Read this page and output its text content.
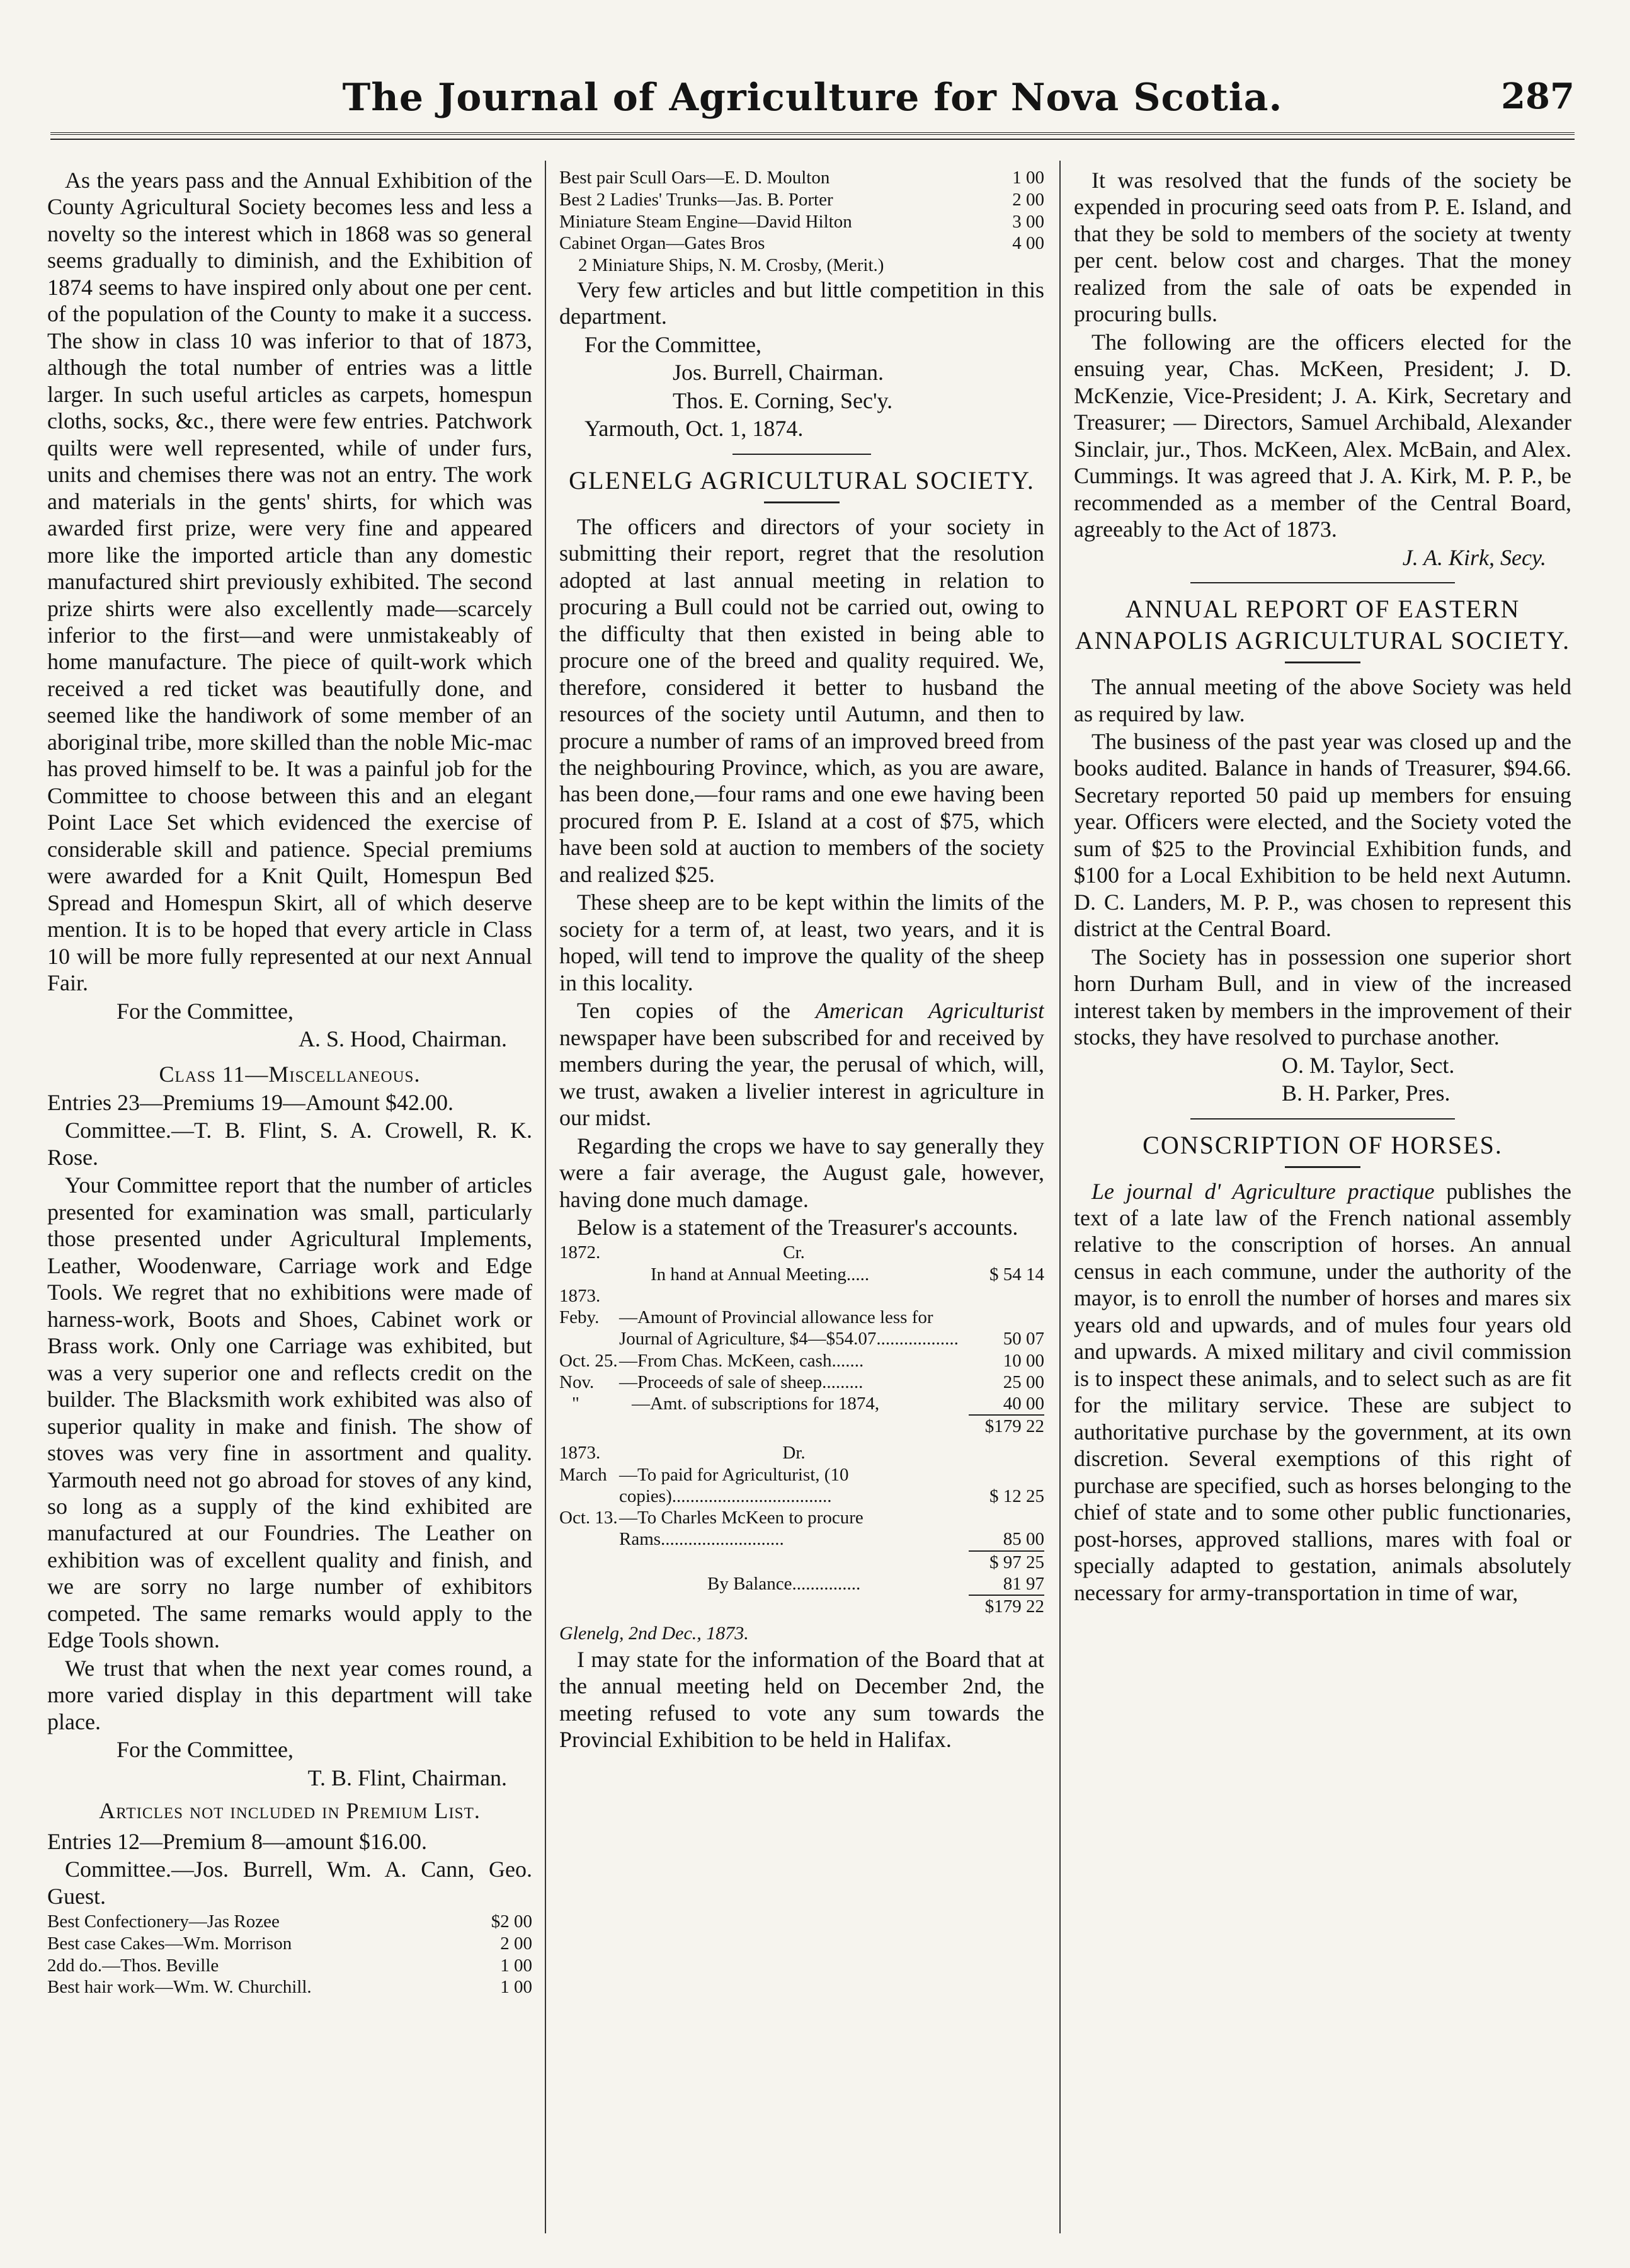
The Journal of Agriculture for Nova Scotia.	287

As the years pass and the Annual Exhibition of the County Agricultural Society becomes less and less a novelty so the interest which in 1868 was so general seems gradually to diminish, and the Exhibition of 1874 seems to have inspired only about one per cent. of the population of the County to make it a success. The show in class 10 was inferior to that of 1873, although the total number of entries was a little larger. In such useful articles as carpets, homespun cloths, socks, &c., there were few entries. Patchwork quilts were well represented, while of under furs, units and chemises there was not an entry. The work and materials in the gents' shirts, for which was awarded first prize, were very fine and appeared more like the imported article than any domestic manufactured shirt previously exhibited. The second prize shirts were also excellently made—scarcely inferior to the first—and were unmistakeably of home manufacture. The piece of quilt-work which received a red ticket was beautifully done, and seemed like the handiwork of some member of an aboriginal tribe, more skilled than the noble Mic-mac has proved himself to be. It was a painful job for the Committee to choose between this and an elegant Point Lace Set which evidenced the exercise of considerable skill and patience. Special premiums were awarded for a Knit Quilt, Homespun Bed Spread and Homespun Skirt, all of which deserve mention. It is to be hoped that every article in Class 10 will be more fully represented at our next Annual Fair.

For the Committee,

A. S. Hood, Chairman.

Class 11—Miscellaneous.

Entries 23—Premiums 19—Amount $42.00.

Committee.—T. B. Flint, S. A. Crowell, R. K. Rose.

Your Committee report that the number of articles presented for examination was small, particularly those presented under Agricultural Implements, Leather, Woodenware, Carriage work and Edge Tools. We regret that no exhibitions were made of harness-work, Boots and Shoes, Cabinet work or Brass work. Only one Carriage was exhibited, but was a very superior one and reflects credit on the builder. The Blacksmith work exhibited was also of superior quality in make and finish. The show of stoves was very fine in assortment and quality. Yarmouth need not go abroad for stoves of any kind, so long as a supply of the kind exhibited are manufactured at our Foundries. The Leather on exhibition was of excellent quality and finish, and we are sorry no large number of exhibitors competed. The same remarks would apply to the Edge Tools shown.

We trust that when the next year comes round, a more varied display in this department will take place.

For the Committee,

T. B. Flint, Chairman.

Articles not included in Premium List.

Entries 12—Premium 8—amount $16.00.

Committee.—Jos. Burrell, Wm. A. Cann, Geo. Guest.

Best Confectionery—Jas Rozee	$2 00
Best case Cakes—Wm. Morrison	2 00
2dd do.—Thos. Beville	1 00
Best hair work—Wm. W. Churchill.	1 00
Best pair Scull Oars—E. D. Moulton	1 00
Best 2 Ladies' Trunks—Jas. B. Porter	2 00
Miniature Steam Engine—David Hilton	3 00
Cabinet Organ—Gates Bros	4 00
2 Miniature Ships, N. M. Crosby, (Merit.)

Very few articles and but little competition in this department.

For the Committee,

Jos. Burrell, Chairman.

Thos. E. Corning, Sec'y.

Yarmouth, Oct. 1, 1874.

GLENELG AGRICULTURAL SOCIETY.

The officers and directors of your society in submitting their report, regret that the resolution adopted at last annual meeting in relation to procuring a Bull could not be carried out, owing to the difficulty that then existed in being able to procure one of the breed and quality required. We, therefore, considered it better to husband the resources of the society until Autumn, and then to procure a number of rams of an improved breed from the neighbouring Province, which, as you are aware, has been done,—four rams and one ewe having been procured from P. E. Island at a cost of $75, which have been sold at auction to members of the society and realized $25.

These sheep are to be kept within the limits of the society for a term of, at least, two years, and it is hoped, will tend to improve the quality of the sheep in this locality.

Ten copies of the American Agriculturist newspaper have been subscribed for and received by members during the year, the perusal of which, will, we trust, awaken a livelier interest in agriculture in our midst.

Regarding the crops we have to say generally they were a fair average, the August gale, however, having done much damage.

Below is a statement of the Treasurer's accounts.

1872.	Cr.
In hand at Annual Meeting.....	$ 54 14
1873.
Feby.	—Amount of Provincial allowance less for Journal of Agriculture, $4—$54.07..................	50 07
Oct. 25. —From Chas. McKeen, cash.......	10 00
Nov.	—Proceeds of sale of sheep.........	25 00
"	—Amt. of subscriptions for 1874,	40 00
$179 22
1873.	Dr.
March —To paid for Agriculturist, (10 copies)...................................	$ 12 25
Oct. 13. —To Charles McKeen to procure Rams...........................	85 00
$ 97 25
By Balance...............	81 97
$179 22

Glenelg, 2nd Dec., 1873.

I may state for the information of the Board that at the annual meeting held on December 2nd, the meeting refused to vote any sum towards the Provincial Exhibition to be held in Halifax.

It was resolved that the funds of the society be expended in procuring seed oats from P. E. Island, and that they be sold to members of the society at twenty per cent. below cost and charges. That the money realized from the sale of oats be expended in procuring bulls.

The following are the officers elected for the ensuing year, Chas. McKeen, President; J. D. McKenzie, Vice-President; J. A. Kirk, Secretary and Treasurer; — Directors, Samuel Archibald, Alexander Sinclair, jur., Thos. McKeen, Alex. McBain, and Alex. Cummings. It was agreed that J. A. Kirk, M. P. P., be recommended as a member of the Central Board, agreeably to the Act of 1873.

J. A. Kirk, Secy.

ANNUAL REPORT OF EASTERN ANNAPOLIS AGRICULTURAL SOCIETY.

The annual meeting of the above Society was held as required by law.

The business of the past year was closed up and the books audited. Balance in hands of Treasurer, $94.66. Secretary reported 50 paid up members for ensuing year. Officers were elected, and the Society voted the sum of $25 to the Provincial Exhibition funds, and $100 for a Local Exhibition to be held next Autumn. D. C. Landers, M. P. P., was chosen to represent this district at the Central Board.

The Society has in possession one superior short horn Durham Bull, and in view of the increased interest taken by members in the improvement of their stocks, they have resolved to purchase another.

O. M. Taylor, Sect.

B. H. Parker, Pres.

CONSCRIPTION OF HORSES.

Le journal d' Agriculture practique publishes the text of a late law of the French national assembly relative to the conscription of horses. An annual census in each commune, under the authority of the mayor, is to enroll the number of horses and mares six years old and upwards, and of mules four years old and upwards. A mixed military and civil commission is to inspect these animals, and to select such as are fit for the military service. These are subject to authoritative purchase by the government, at its own discretion. Several exemptions of this right of purchase are specified, such as horses belonging to the chief of state and to some other public functionaries, post-horses, approved stallions, mares with foal or specially adapted to gestation, animals absolutely necessary for army-transportation in time of war,
